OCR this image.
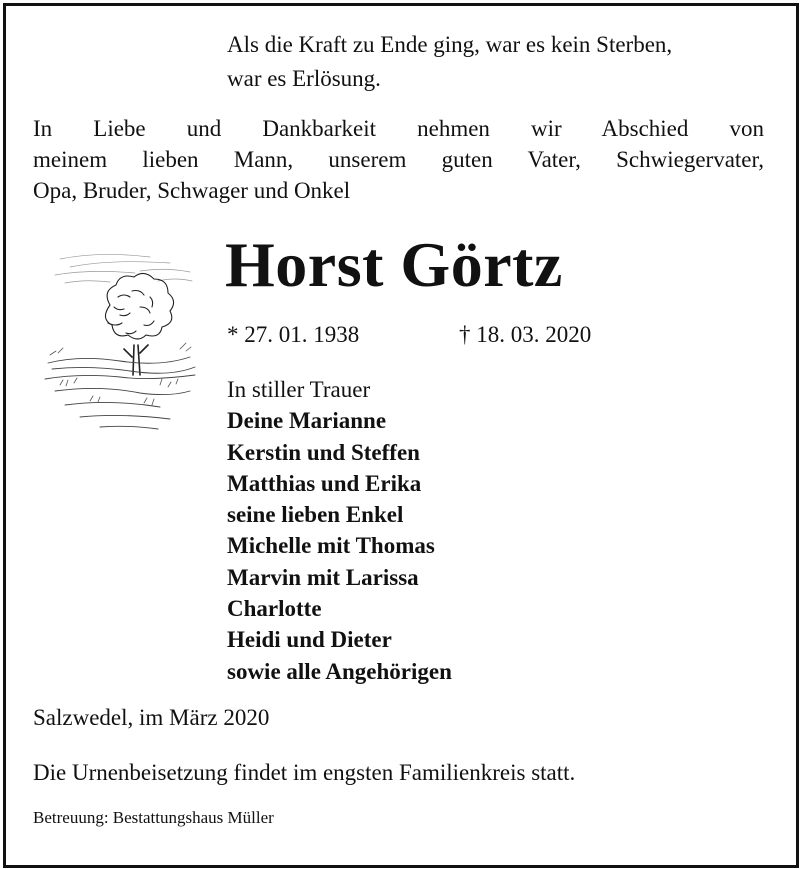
Als die Kraft zu Ende ging, war es kein Sterben,
war es Erlösung.
In Liebe und Dankbarkeit nehmen wir Abschied von
meinem lieben Mann, unserem guten Vater, Schwiegervater,
Opa, Bruder, Schwager und Onkel
Horst Görtz
* 27. 01. 1938	† 18. 03. 2020
In stiller Trauer
Deine Marianne
Kerstin und Steffen
Matthias und Erika
seine lieben Enkel
Michelle mit Thomas
Marvin mit Larissa
Charlotte
Heidi und Dieter
sowie alle Angehörigen
Salzwedel, im März 2020
Die Urnenbeisetzung findet im engsten Familienkreis statt.
Betreuung: Bestattungshaus Müller
